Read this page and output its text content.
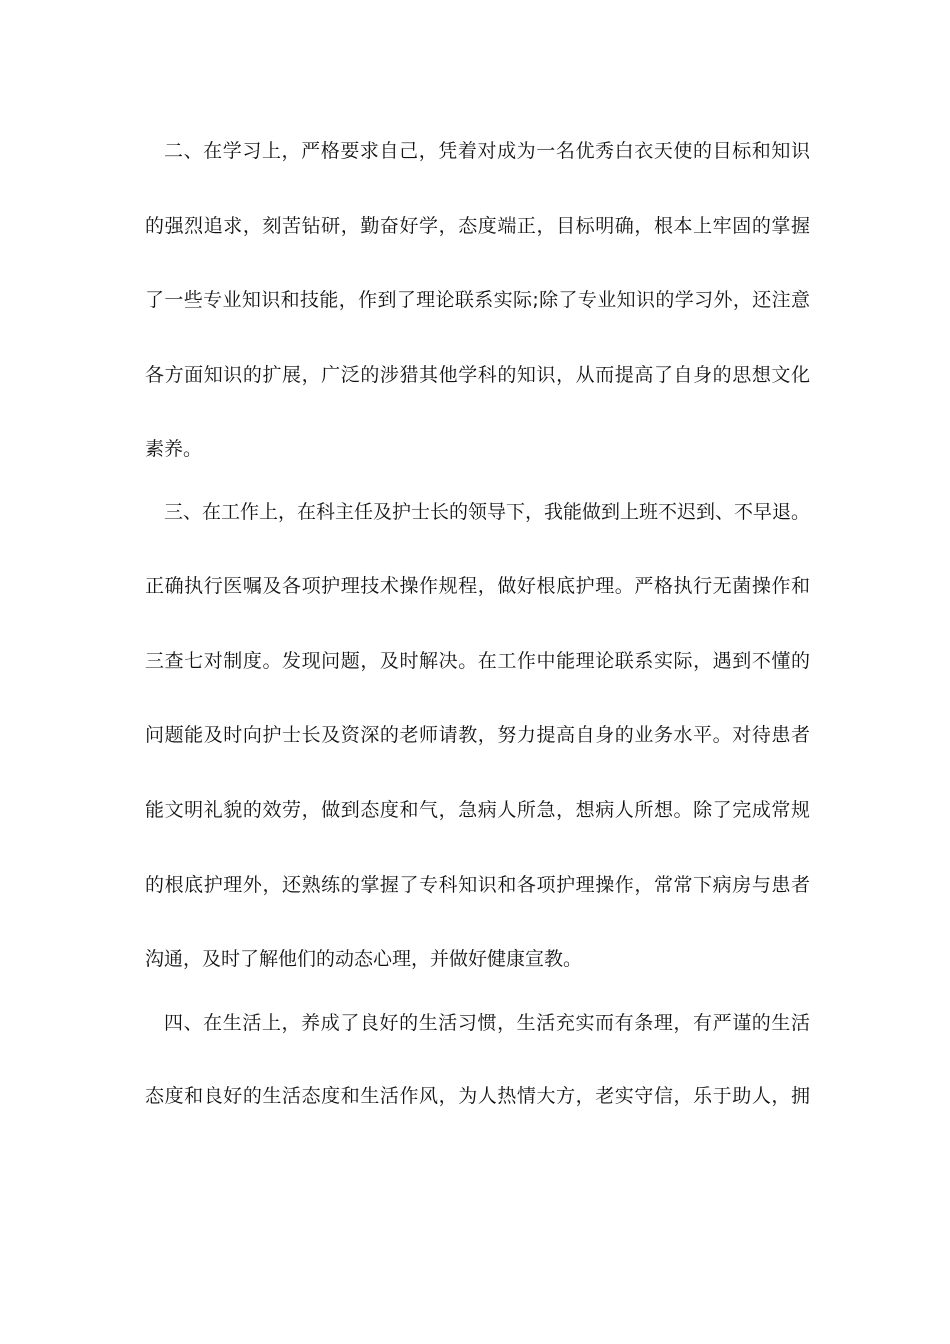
二、在学习上，严格要求自己，凭着对成为一名优秀白衣天使的目标和知识

的强烈追求，刻苦钻研，勤奋好学，态度端正，目标明确，根本上牢固的掌握

了一些专业知识和技能，作到了理论联系实际;除了专业知识的学习外，还注意

各方面知识的扩展，广泛的涉猎其他学科的知识，从而提高了自身的思想文化

素养。

三、在工作上，在科主任及护士长的领导下，我能做到上班不迟到、不早退。

正确执行医嘱及各项护理技术操作规程，做好根底护理。严格执行无菌操作和

三查七对制度。发现问题，及时解决。在工作中能理论联系实际，遇到不懂的

问题能及时向护士长及资深的老师请教，努力提高自身的业务水平。对待患者

能文明礼貌的效劳，做到态度和气，急病人所急，想病人所想。除了完成常规

的根底护理外，还熟练的掌握了专科知识和各项护理操作，常常下病房与患者

沟通，及时了解他们的动态心理，并做好健康宣教。

四、在生活上，养成了良好的生活习惯，生活充实而有条理，有严谨的生活

态度和良好的生活态度和生活作风，为人热情大方，老实守信，乐于助人，拥
